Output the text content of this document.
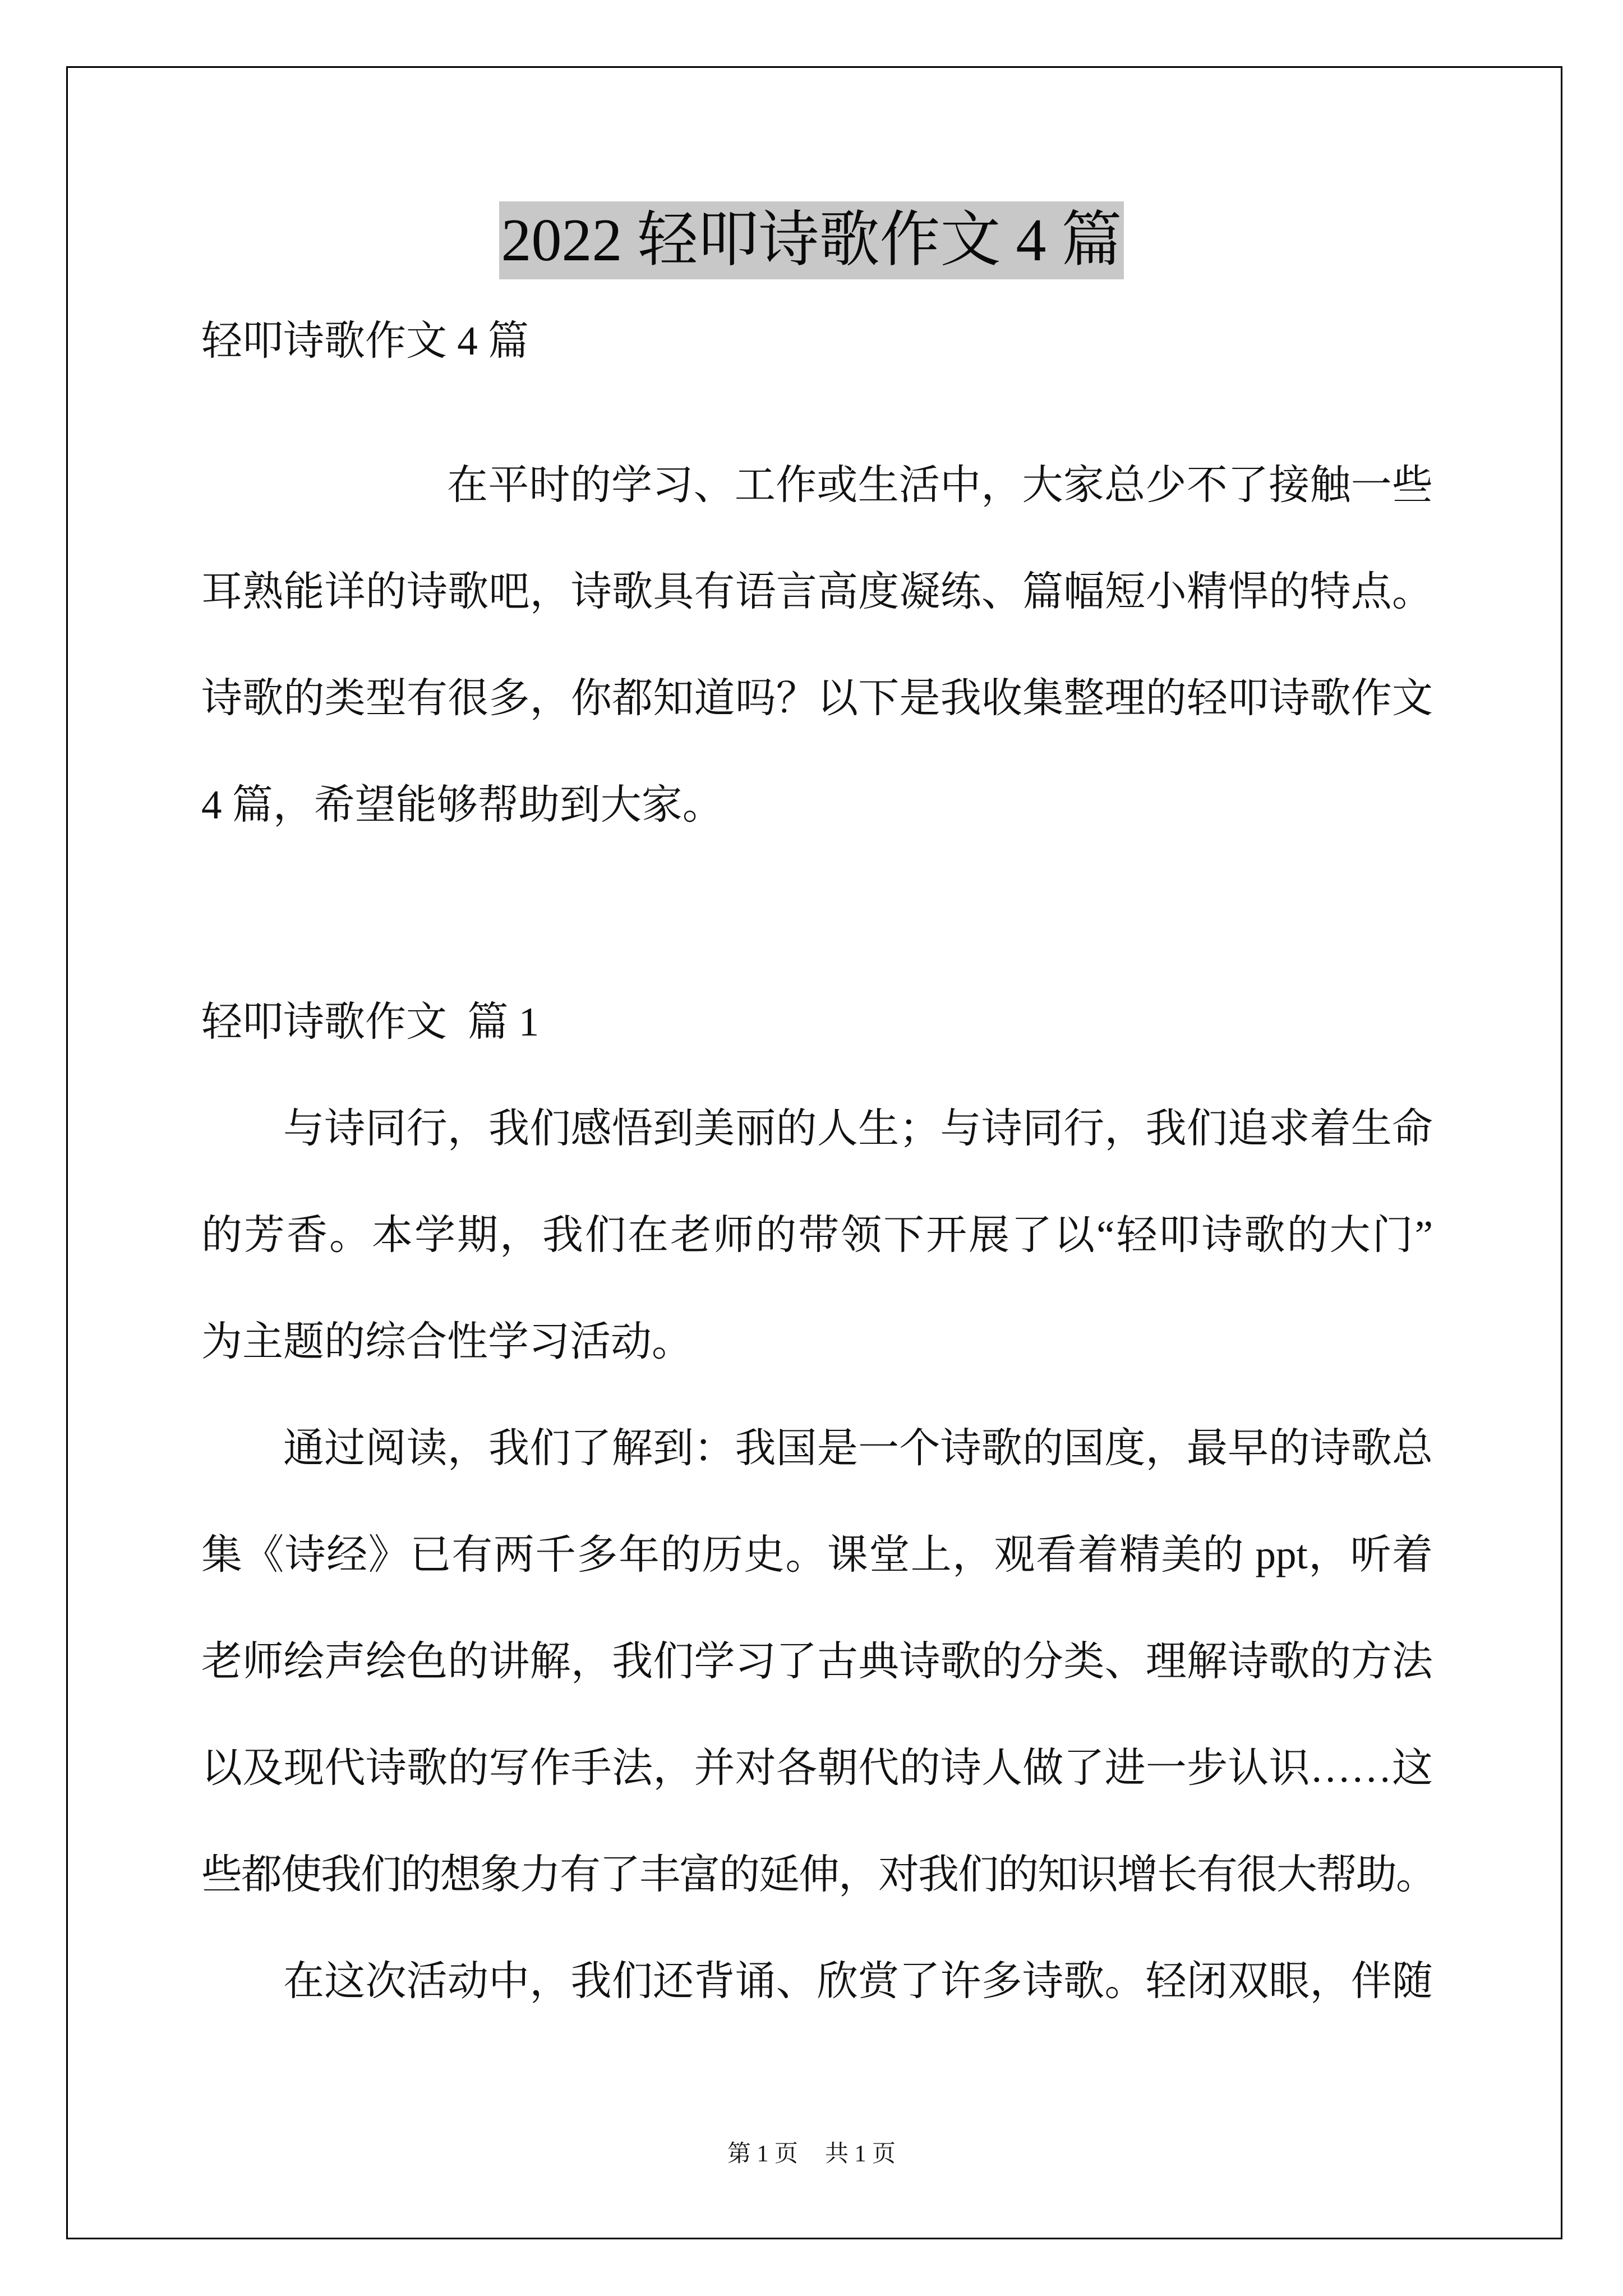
2022 轻叩诗歌作文 4 篇
轻叩诗歌作文 4 篇
在平时的学习、工作或生活中，大家总少不了接触一些
耳熟能详的诗歌吧，诗歌具有语言高度凝练、篇幅短小精悍的特点。
诗歌的类型有很多，你都知道吗？以下是我收集整理的轻叩诗歌作文
4 篇，希望能够帮助到大家。
轻叩诗歌作文  篇 1
与诗同行，我们感悟到美丽的人生；与诗同行，我们追求着生命
的芳香。本学期，我们在老师的带领下开展了以“轻叩诗歌的大门”
为主题的综合性学习活动。
通过阅读，我们了解到：我国是一个诗歌的国度，最早的诗歌总
集《诗经》已有两千多年的历史。课堂上，观看着精美的 ppt，听着
老师绘声绘色的讲解，我们学习了古典诗歌的分类、理解诗歌的方法
以及现代诗歌的写作手法，并对各朝代的诗人做了进一步认识……这
些都使我们的想象力有了丰富的延伸，对我们的知识增长有很大帮助。
在这次活动中，我们还背诵、欣赏了许多诗歌。轻闭双眼，伴随
第 1 页 共 1 页
